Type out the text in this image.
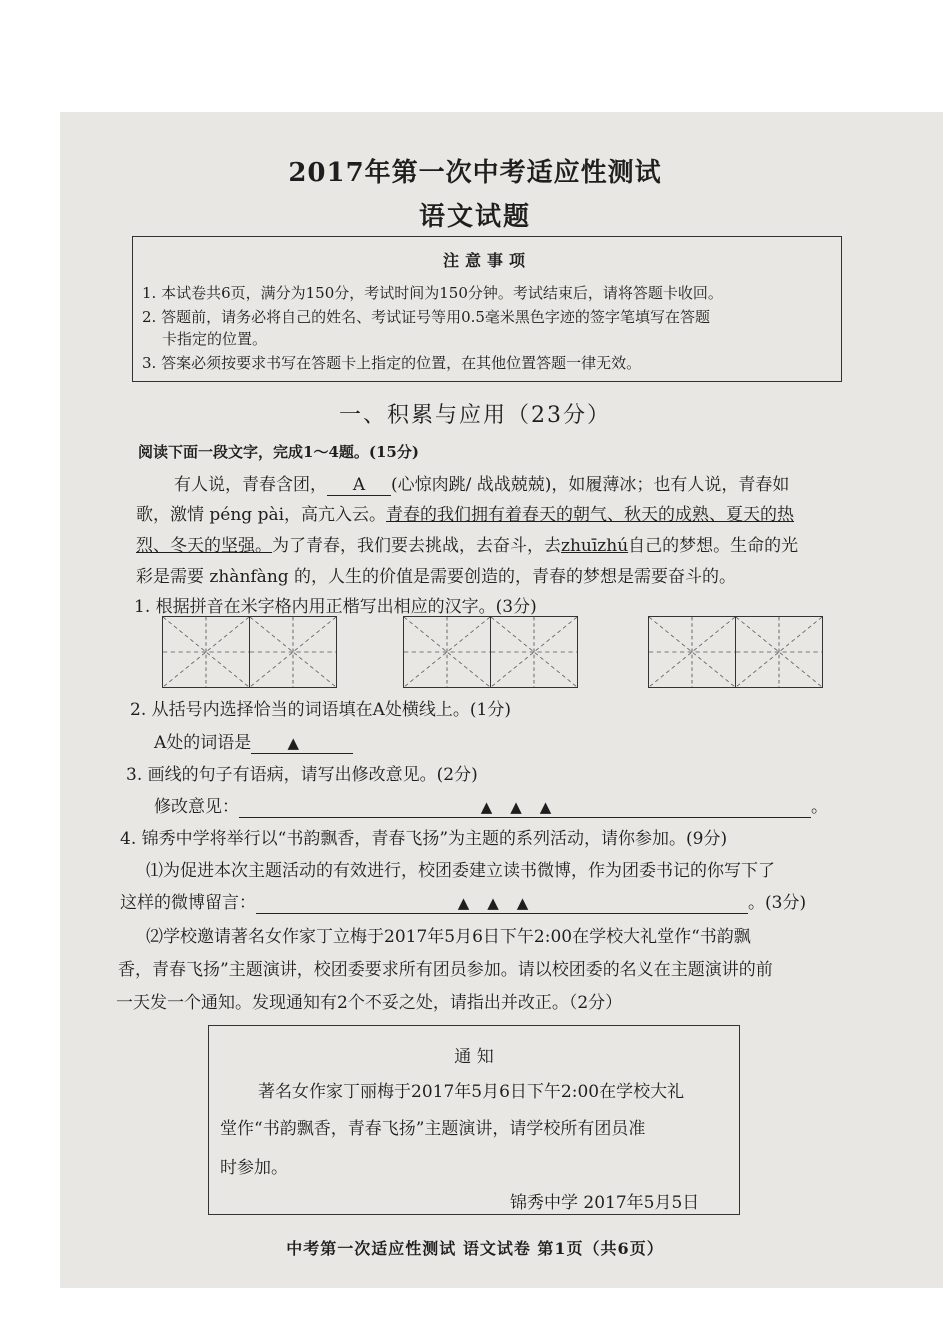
2017年第一次中考适应性测试
语文试题
注意事项
1. 本试卷共6页，满分为150分，考试时间为150分钟。考试结束后，请将答题卡收回。
2. 答题前，请务必将自己的姓名、考试证号等用0.5毫米黑色字迹的签字笔填写在答题
卡指定的位置。
3. 答案必须按要求书写在答题卡上指定的位置，在其他位置答题一律无效。
一、积累与应用（23分）
阅读下面一段文字，完成1～4题。(15分)
有人说，青春含团， A (心惊肉跳/ 战战兢兢)，如履薄冰；也有人说，青春如
歌，激情 péng pài，高亢入云。青春的我们拥有着春天的朝气、秋天的成熟、夏天的热
烈、冬天的坚强。为了青春，我们要去挑战，去奋斗，去zhuīzhú自己的梦想。生命的光
彩是需要 zhànfàng 的，人生的价值是需要创造的，青春的梦想是需要奋斗的。
1. 根据拼音在米字格内用正楷写出相应的汉字。(3分)
2. 从括号内选择恰当的词语填在A处横线上。(1分)
A处的词语是 ▲
3. 画线的句子有语病，请写出修改意见。(2分)
修改意见：	▲▲▲	。
4. 锦秀中学将举行以“书韵飘香，青春飞扬”为主题的系列活动，请你参加。(9分)
⑴为促进本次主题活动的有效进行，校团委建立读书微博，作为团委书记的你写下了
这样的微博留言：	▲▲▲	。(3分)
⑵学校邀请著名女作家丁立梅于2017年5月6日下午2:00在学校大礼堂作“书韵飘
香，青春飞扬”主题演讲，校团委要求所有团员参加。请以校团委的名义在主题演讲的前
一天发一个通知。发现通知有2个不妥之处，请指出并改正。（2分）
通 知
著名女作家丁丽梅于2017年5月6日下午2:00在学校大礼
堂作“书韵飘香，青春飞扬”主题演讲，请学校所有团员准
时参加。
锦秀中学 2017年5月5日
中考第一次适应性测试 语文试卷 第1页（共6页）
